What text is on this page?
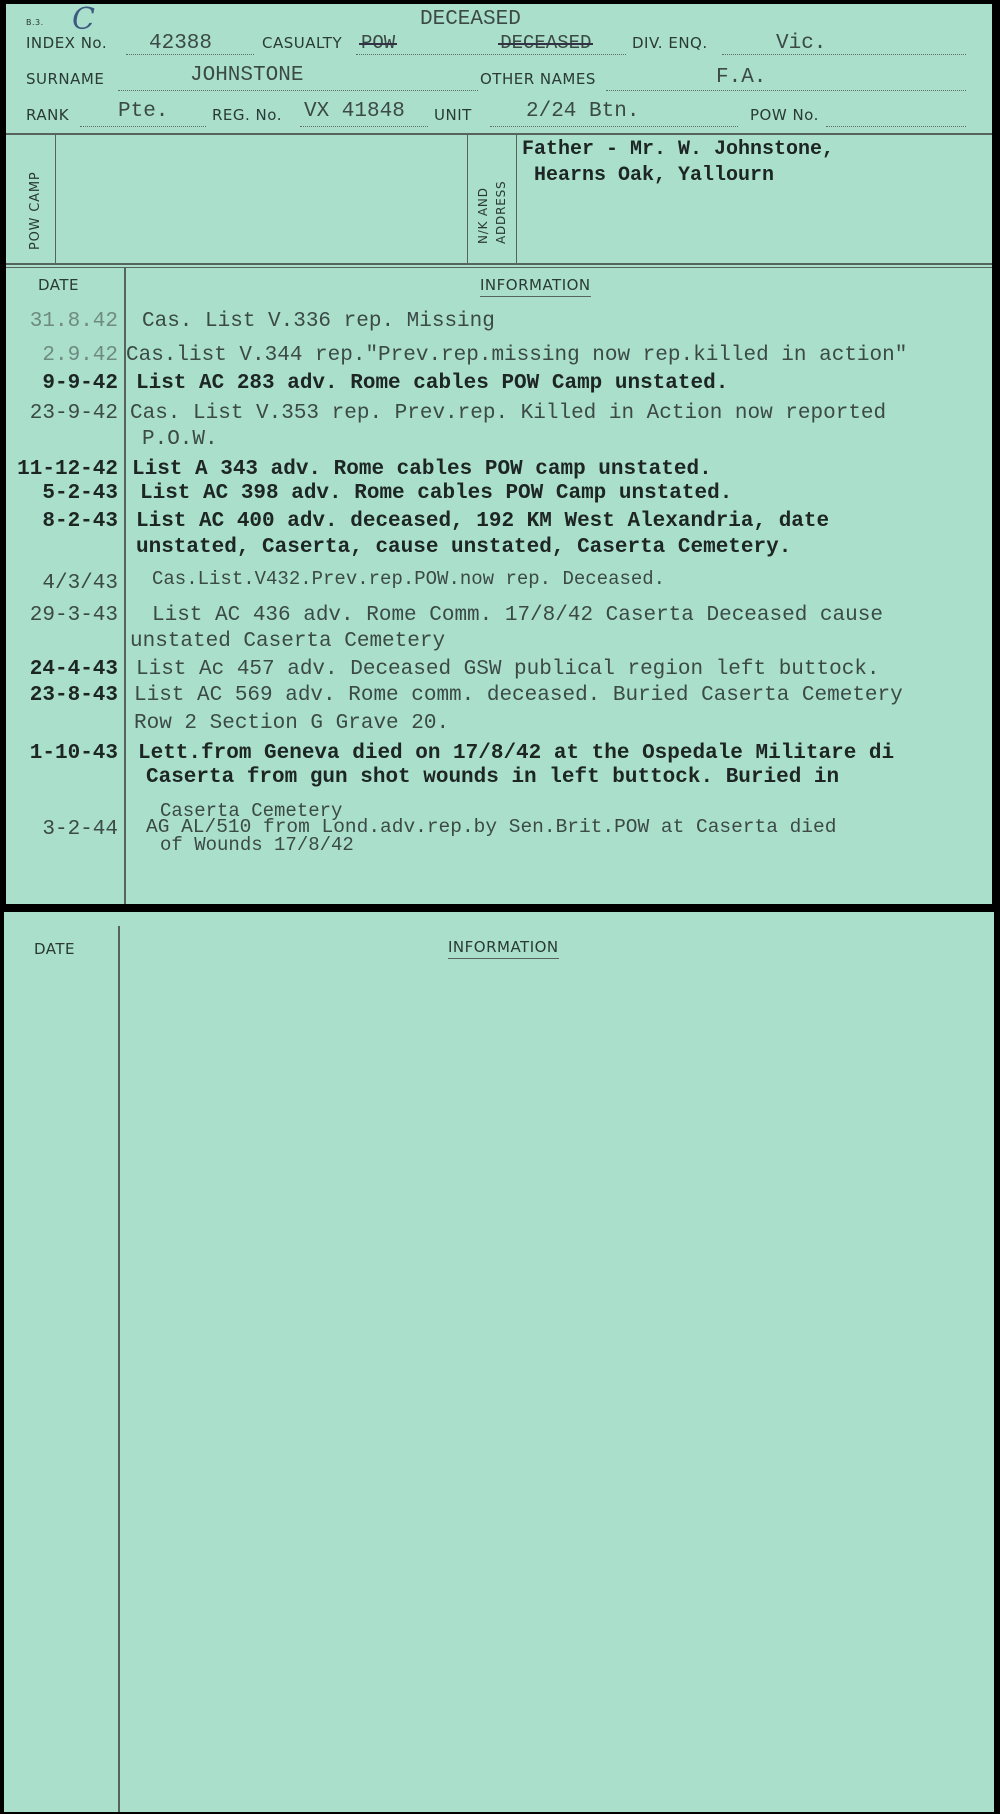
B.3. C
INDEX No. 42388	CASUALTY
DECEASED
POW	DECEASED	DIV. ENQ.	Vic.
SURNAME	JOHNSTONE	OTHER NAMES	F.A.
RANK Pte.	REG. No. VX 41848 UNIT	2/24 Btn.	POW No.
POW CAMP	N/K AND ADDRESS
Father - Mr. W. Johnstone,
Hearns Oak, Yallourn
DATE	INFORMATION
31.8.42 Cas. List V.336 rep. Missing
2.9.42 Cas.list V.344 rep."Prev.rep.missing now rep.killed in action"
9-9-42 List AC 283 adv. Rome cables POW Camp unstated.
23-9-42 Cas. List V.353 rep. Prev.rep. Killed in Action now reported
P.O.W.
11-12-42 List A 343 adv. Rome cables POW camp unstated.
5-2-43 List AC 398 adv. Rome cables POW Camp unstated.
8-2-43 List AC 400 adv. deceased, 192 KM West Alexandria, date
unstated, Caserta, cause unstated, Caserta Cemetery.
4/3/43 Cas.List.V432.Prev.rep.POW.now rep. Deceased.
29-3-43 List AC 436 adv. Rome Comm. 17/8/42 Caserta Deceased cause
unstated Caserta Cemetery
24-4-43 List Ac 457 adv. Deceased GSW publical region left buttock.
23-8-43 List AC 569 adv. Rome comm. deceased. Buried Caserta Cemetery
Row 2 Section G Grave 20.
1-10-43 Lett.from Geneva died on 17/8/42 at the Ospedale Militare di
Caserta from gun shot wounds in left buttock. Buried in
Caserta Cemetery
3-2-44 AG AL/510 from Lond.adv.rep.by Sen.Brit.POW at Caserta died
of Wounds 17/8/42
DATE	INFORMATION
